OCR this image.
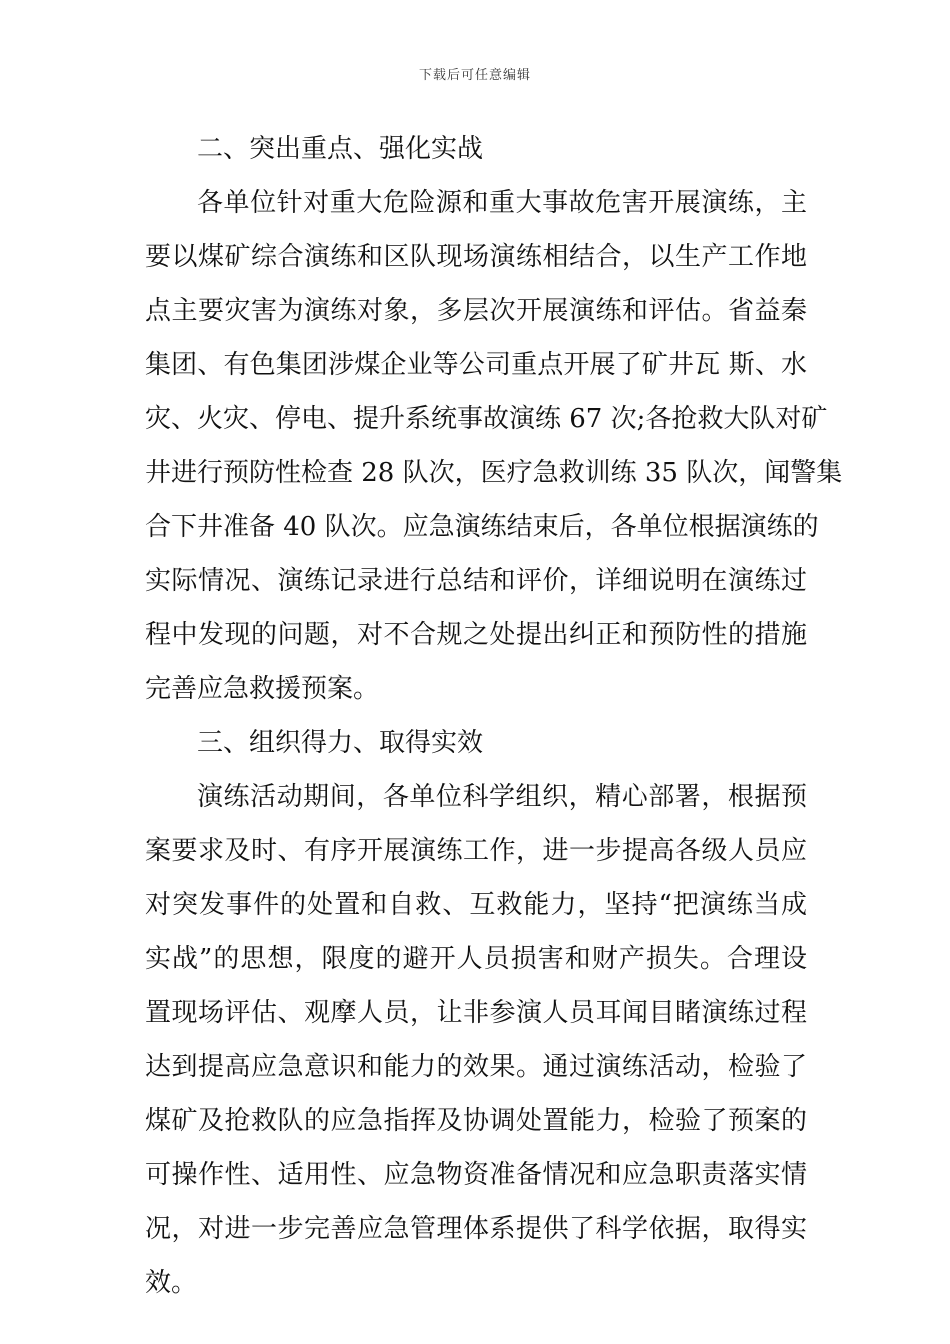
下载后可任意编辑
二、突出重点、强化实战
各单位针对重大危险源和重大事故危害开展演练，主
要以煤矿综合演练和区队现场演练相结合，以生产工作地
点主要灾害为演练对象，多层次开展演练和评估。省益秦
集团、有色集团涉煤企业等公司重点开展了矿井瓦 斯、水
灾、火灾、停电、提升系统事故演练 67 次;各抢救大队对矿
井进行预防性检查 28 队次，医疗急救训练 35 队次，闻警集
合下井准备 40 队次。应急演练结束后，各单位根据演练的
实际情况、演练记录进行总结和评价，详细说明在演练过
程中发现的问题，对不合规之处提出纠正和预防性的措施
完善应急救援预案。
三、组织得力、取得实效
演练活动期间，各单位科学组织，精心部署，根据预
案要求及时、有序开展演练工作，进一步提高各级人员应
对突发事件的处置和自救、互救能力，坚持“把演练当成
实战”的思想，限度的避开人员损害和财产损失。合理设
置现场评估、观摩人员，让非参演人员耳闻目睹演练过程
达到提高应急意识和能力的效果。通过演练活动，检验了
煤矿及抢救队的应急指挥及协调处置能力，检验了预案的
可操作性、适用性、应急物资准备情况和应急职责落实情
况，对进一步完善应急管理体系提供了科学依据，取得实
效。
